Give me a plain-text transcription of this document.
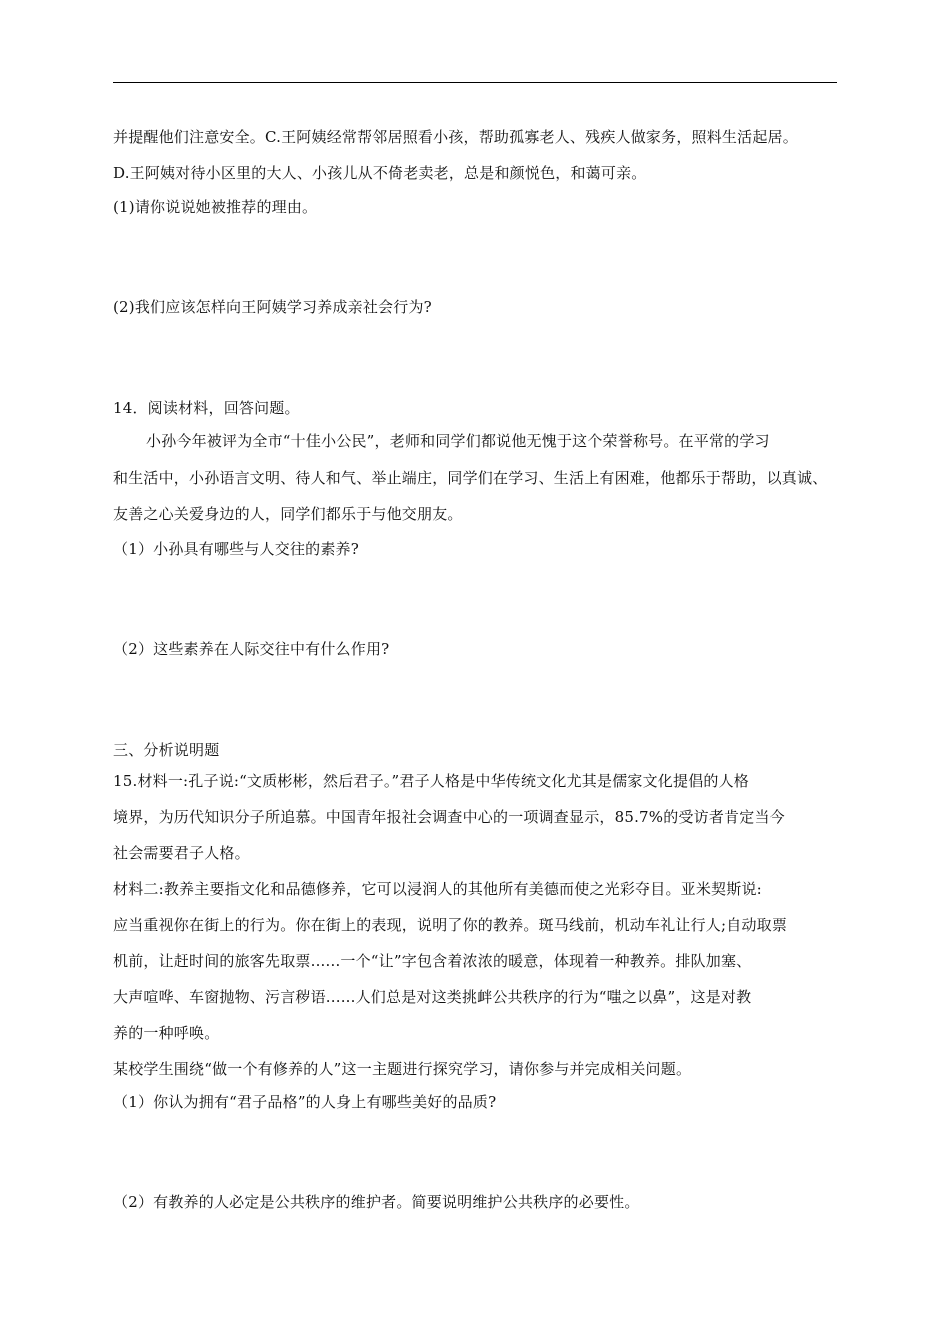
并提醒他们注意安全。C.王阿姨经常帮邻居照看小孩，帮助孤寡老人、残疾人做家务，照料生活起居。
D.王阿姨对待小区里的大人、小孩儿从不倚老卖老，总是和颜悦色，和蔼可亲。
(1)请你说说她被推荐的理由。
(2)我们应该怎样向王阿姨学习养成亲社会行为?
14．阅读材料，回答问题。
小孙今年被评为全市“十佳小公民”，老师和同学们都说他无愧于这个荣誉称号。在平常的学习
和生活中，小孙语言文明、待人和气、举止端庄，同学们在学习、生活上有困难，他都乐于帮助，以真诚、
友善之心关爱身边的人，同学们都乐于与他交朋友。
（1）小孙具有哪些与人交往的素养?
（2）这些素养在人际交往中有什么作用?
三、分析说明题
15.材料一:孔子说:“文质彬彬，然后君子。”君子人格是中华传统文化尤其是儒家文化提倡的人格
境界，为历代知识分子所追慕。中国青年报社会调查中心的一项调查显示，85.7%的受访者肯定当今
社会需要君子人格。
材料二:教养主要指文化和品德修养，它可以浸润人的其他所有美德而使之光彩夺目。亚米契斯说:
应当重视你在街上的行为。你在街上的表现，说明了你的教养。斑马线前，机动车礼让行人;自动取票
机前，让赶时间的旅客先取票......一个“让”字包含着浓浓的暖意，体现着一种教养。排队加塞、
大声喧哗、车窗抛物、污言秽语......人们总是对这类挑衅公共秩序的行为“嗤之以鼻”，这是对教
养的一种呼唤。
某校学生围绕“做一个有修养的人”这一主题进行探究学习，请你参与并完成相关问题。
（1）你认为拥有“君子品格”的人身上有哪些美好的品质?
（2）有教养的人必定是公共秩序的维护者。简要说明维护公共秩序的必要性。
